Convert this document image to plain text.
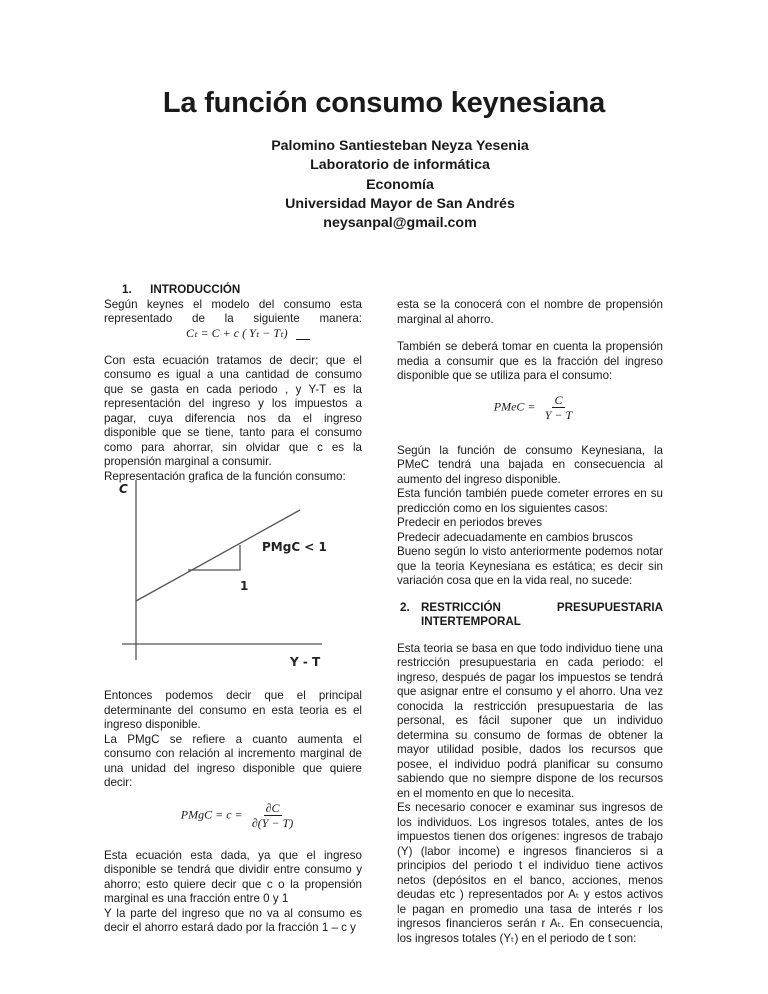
La función consumo keynesiana
Palomino Santiesteban Neyza Yesenia
Laboratorio de informática
Economía
Universidad Mayor de San Andrés
neysanpal@gmail.com
1. INTRODUCCIÓN
Según keynes el modelo del consumo esta
representado de la siguiente manera:
Cₜ = C + c ( Yₜ − Tₜ)

Con esta ecuación tratamos de decir; que el consumo es igual a una cantidad de consumo que se gasta en cada periodo , y Y-T es la representación del ingreso y los impuestos a pagar, cuya diferencia nos da el ingreso disponible que se tiene, tanto para el consumo como para ahorrar, sin olvidar que c es la propensión marginal a consumir.

Representación grafica de la función consumo:

C
Y - T
PMgC < 1
1

Entonces podemos decir que el principal determinante del consumo en esta teoria es el ingreso disponible.

La PMgC se refiere a cuanto aumenta el consumo con relación al incremento marginal de una unidad del ingreso disponible que quiere decir:

PMgC = $c = \frac{\partial C}{\partial(Y - T)}$

Esta ecuación esta dada, ya que el ingreso disponible se tendrá que dividir entre consumo y ahorro; esto quiere decir que c o la propensión marginal es una fracción entre 0 y 1

Y la parte del ingreso que no va al consumo es decir el ahorro estará dado por la fracción 1 – c y

esta se la conocerá con el nombre de propensión marginal al ahorro.

También se deberá tomar en cuenta la propensión media a consumir que es la fracción del ingreso disponible que se utiliza para el consumo:

PMeC = $\frac{C}{Y - T}$

Según la función de consumo Keynesiana, la PMeC tendrá una bajada en consecuencia al aumento del ingreso disponible.

Esta función también puede cometer errores en su predicción como en los siguientes casos:

Predecir en periodos breves
Predecir adecuadamente en cambios bruscos

Bueno según lo visto anteriormente podemos notar que la teoria Keynesiana es estática; es decir sin variación cosa que en la vida real, no sucede:

2. RESTRICCIÓN PRESUPUESTARIA
INTERTEMPORAL

Esta teoria se basa en que todo individuo tiene una restricción presupuestaria en cada periodo: el ingreso, después de pagar los impuestos se tendrá que asignar entre el consumo y el ahorro. Una vez conocida la restricción presupuestaria de las personal, es fácil suponer que un individuo determina su consumo de formas de obtener la mayor utilidad posible, dados los recursos que posee, el individuo podrá planificar su consumo sabiendo que no siempre dispone de los recursos en el momento en que lo necesita.

Es necesario conocer e examinar sus ingresos de los individuos. Los ingresos totales, antes de los impuestos tienen dos orígenes: ingresos de trabajo (Y) (labor income) e ingresos financieros si a principios del periodo t el individuo tiene activos netos (depósitos en el banco, acciones, menos deudas etc ) representados por Aₜ y estos activos le pagan en promedio una tasa de interés r los ingresos financieros serán r Aₜ. En consecuencia, los ingresos totales (Yₜ) en el periodo de t son:
